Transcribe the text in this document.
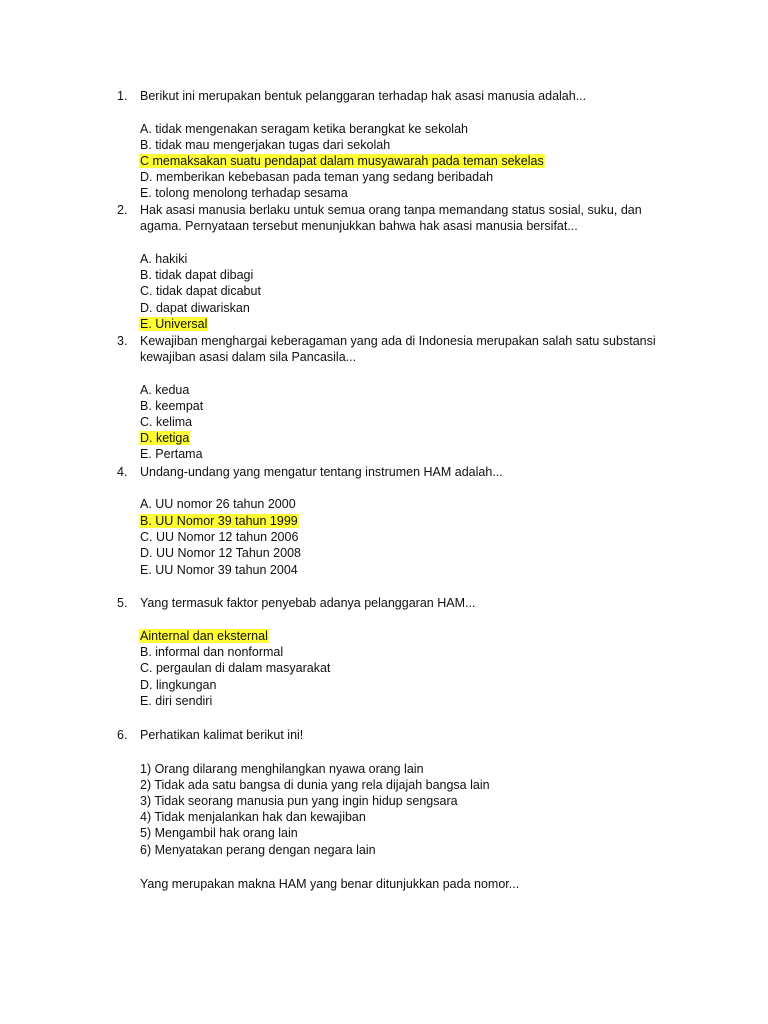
1. Berikut ini merupakan bentuk pelanggaran terhadap hak asasi manusia adalah...
A. tidak mengenakan seragam ketika berangkat ke sekolah
B. tidak mau mengerjakan tugas dari sekolah
C memaksakan suatu pendapat dalam musyawarah pada teman sekelas
D. memberikan kebebasan pada teman yang sedang beribadah
E. tolong menolong terhadap sesama
2. Hak asasi manusia berlaku untuk semua orang tanpa memandang status sosial, suku, dan
agama. Pernyataan tersebut menunjukkan bahwa hak asasi manusia bersifat...
A. hakiki
B. tidak dapat dibagi
C. tidak dapat dicabut
D. dapat diwariskan
E. Universal
3. Kewajiban menghargai keberagaman yang ada di Indonesia merupakan salah satu substansi
kewajiban asasi dalam sila Pancasila...
A. kedua
B. keempat
C. kelima
D. ketiga
E. Pertama
4. Undang-undang yang mengatur tentang instrumen HAM adalah...
A. UU nomor 26 tahun 2000
B. UU Nomor 39 tahun 1999
C. UU Nomor 12 tahun 2006
D. UU Nomor 12 Tahun 2008
E. UU Nomor 39 tahun 2004
5. Yang termasuk faktor penyebab adanya pelanggaran HAM...
Ainternal dan eksternal
B. informal dan nonformal
C. pergaulan di dalam masyarakat
D. lingkungan
E. diri sendiri
6. Perhatikan kalimat berikut ini!
1) Orang dilarang menghilangkan nyawa orang lain
2) Tidak ada satu bangsa di dunia yang rela dijajah bangsa lain
3) Tidak seorang manusia pun yang ingin hidup sengsara
4) Tidak menjalankan hak dan kewajiban
5) Mengambil hak orang lain
6) Menyatakan perang dengan negara lain
Yang merupakan makna HAM yang benar ditunjukkan pada nomor...
